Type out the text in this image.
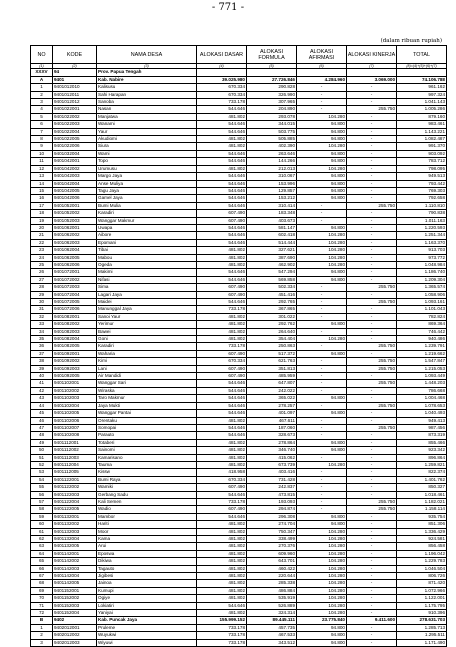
- 771 -
(dalam ribuan rupiah)
NO	KODE	NAMA DESA	ALOKASI DASAR	ALOKASI FORMULA	ALOKASI AFIRMASI	ALOKASI KINERJA	TOTAL
(1)	(2)	(3)	(4)	(5)	(6)	(7)	(8)=(4)+(5)+(6)+(7)
XXXV	94	Prov. Papua Tengah					
A	9401	Kab. Nabire	39.025.980	27.726.846	4.284.960	3.069.000	74.106.788
1	9401012010	Kalisusu	670.334	290.828	-	-	961.162
2	9401012011	Sahi Harapan	670.334	326.990	-	-	997.324
3	9401012012	Sanoba	733.178	307.965	-	-	1.041.143
4	9401022001	Nasan	544.646	204.890	-	255.750	1.005.286
5	9401022002	Manjatwa	481.802	293.078	104.280	-	879.160
6	9401022003	Wanami	544.646	344.015	94.800	-	983.461
7	9401022004	Yaur	544.646	503.775	94.800	-	1.143.221
8	9401022005	Akudiomi	481.802	505.885	94.800	-	1.082.487
9	9401022006	Siura	481.802	402.390	104.280	-	991.370
10	9401032004	Wami	544.646	263.646	94.800	-	903.092
11	9401042001	Topo	544.646	144.266	94.800	-	783.712
12	9401042002	Urumusu	481.802	212.013	104.280	-	798.095
13	9401042003	Margo Jaya	544.646	310.067	94.800	-	949.513
14	9401042004	Anse Muliya	544.646	153.996	94.800	-	793.442
15	9401042005	Tagu Jaya	544.646	129.857	94.800	-	769.303
16	9401042006	Gamel Jaya	544.646	153.212	94.800	-	792.658
17	9401052001	Bumi Mulia	544.646	310.414	-	255.750	1.110.810
18	9401052002	Karadiri	607.490	183.348	-	-	790.838
19	9401052003	Wanggar Makmur	607.490	403.673	-	-	1.011.163
20	9401062001	Uwapa	544.646	581.147	94.800	-	1.220.593
21	9401062002	Aibore	544.646	602.418	104.280	-	1.251.344
22	9401062003	Epomani	544.646	514.444	104.280	-	1.163.370
23	9401062004	Tibai	481.802	327.621	104.280	-	913.703
24	9401062005	Mabou	481.802	387.690	104.280	-	973.772
25	9401062006	Ogeda	481.802	462.902	104.280	-	1.048.984
26	9401072001	Makimi	544.646	547.294	94.800	-	1.186.740
27	9401072002	Nifasi	544.646	569.858	94.800	-	1.209.304
28	9401072003	Sima	607.490	502.334	-	255.750	1.365.574
29	9401072004	Lagari Jaya	607.490	451.416	-	-	1.058.906
30	9401072005	Maidei	544.646	292.765	-	255.750	1.093.161
31	9401072006	Manunggal Jaya	733.178	367.865	-	-	1.101.043
32	9401082001	Sanoi Yaur	481.802	301.022	-	-	782.824
33	9401082002	Yerimur	481.802	292.762	94.800	-	869.364
34	9401082003	Bawei	481.802	264.640	-	-	746.442
35	9401082004	Goni	481.802	354.404	104.280	-	940.486
36	9401082005	Karadiri	733.178	250.863	-	255.750	1.239.791
37	9401092001	Waharia	607.490	517.372	94.800	-	1.219.662
38	9401092002	Kimi	670.334	621.763	-	255.750	1.547.847
39	9401092003	Lani	607.490	351.813	-	255.750	1.215.053
40	9401092005	Air Mandidi	607.490	485.959	-	-	1.093.449
41	9401102001	Wanggar Sari	544.646	647.807	-	255.750	1.448.203
42	9401102002	Wiraska	544.646	242.022	-	-	786.668
43	9401102003	Taro Makmur	544.646	365.022	94.800	-	1.004.468
44	9401102004	Jaya Mukti	544.646	278.257	-	255.750	1.078.653
45	9401102005	Wanggar Pantai	544.646	401.097	94.800	-	1.040.493
46	9401102006	Orentaku	481.802	467.611	-	-	949.413
47	9401102007	Somopai	544.646	187.060	-	255.750	987.456
48	9401102008	Parauto	544.646	328.673	-	-	873.319
49	9401112001	Totaberi	481.802	278.864	94.800	-	855.466
50	9401112002	Sainomi	481.802	346.740	94.800	-	923.342
51	9401112003	Kamarisano	481.802	415.062	-	-	896.864
52	9401112004	Tauma	481.802	673.739	104.280	-	1.259.821
53	9401112005	Kissw	418.958	403.416	-	-	822.374
54	9401122001	Bumi Raya	670.334	731.428	-	-	1.401.762
55	9401122002	Wamiki	607.490	242.837	-	-	850.327
56	9401122003	Gerbang Sadu	544.646	473.815	-	-	1.018.461
57	9401122004	Kali Semen	733.178	193.093	-	255.750	1.182.021
58	9401122005	Wadio	607.490	294.874	-	255.750	1.158.114
59	9401132001	Mambor	544.646	296.308	94.800	-	935.754
60	9401132002	Hariti	481.802	274.704	94.800	-	851.306
61	9401132003	Moor	481.802	750.347	104.280	-	1.336.429
62	9401132004	Kama	481.802	338.499	104.280	-	924.581
63	9401132005	Arui	481.802	270.376	104.280	-	856.458
64	9401142001	Eposwa	481.802	609.960	104.280	-	1.196.042
65	9401142002	Dikiwa	481.802	643.701	104.280	-	1.229.783
66	9401142003	Tagauto	481.802	460.422	104.280	-	1.046.504
67	9401142004	Jigibesi	481.802	220.644	104.280	-	806.726
68	9401142005	Jainoa	481.802	285.338	104.280	-	871.420
69	9401152001	Kumupi	481.802	486.884	104.280	-	1.072.966
70	9401152002	Ogiye	481.802	535.919	104.280	-	1.122.001
71	9401152003	Lokiatiri	544.646	526.889	104.280	-	1.175.795
72	9401152004	Yaniyai	481.802	324.314	104.280	-	910.396
B	9402	Kab. Puncak Jaya	155.999.152	89.445.111	23.775.840	9.411.600	278.631.703
1	9402012001	Pruleme	733.178	457.735	94.800	-	1.285.713
2	9402012002	Wuyukwi	733.178	467.533	94.800	-	1.295.511
3	9402012003	Wiyuwi	733.178	343.512	94.800	-	1.171.490
